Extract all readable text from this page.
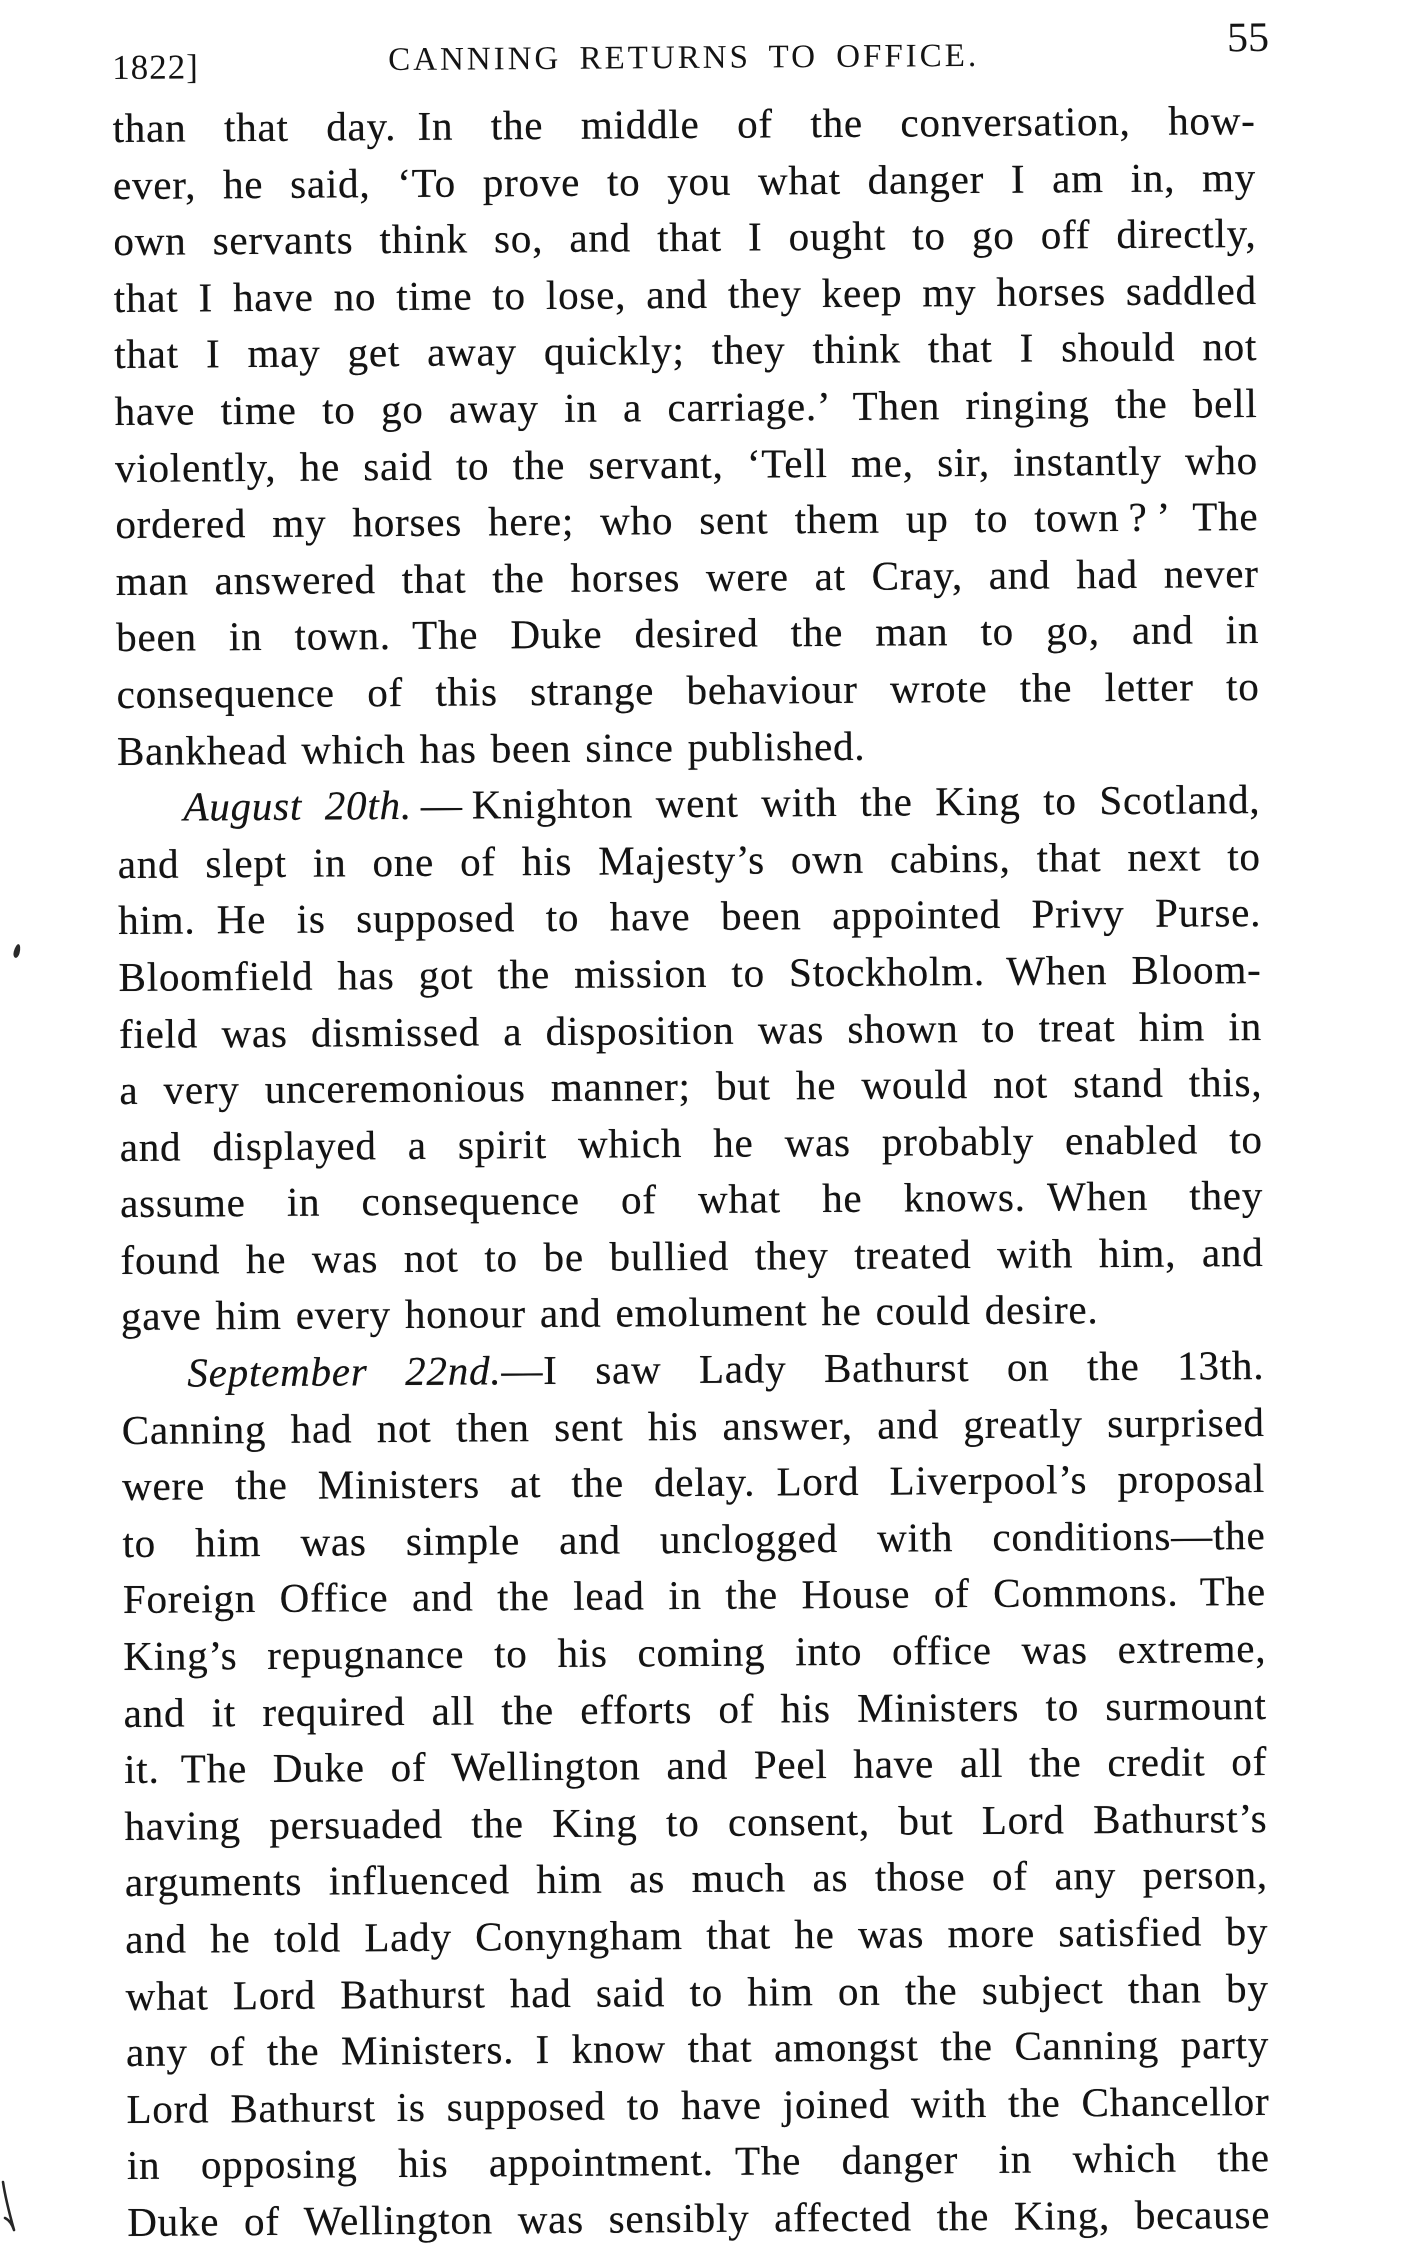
1822]	CANNING RETURNS TO OFFICE.	55
than that day. In the middle of the conversation, how-
ever, he said, ‘To prove to you what danger I am in, my
own servants think so, and that I ought to go off directly,
that I have no time to lose, and they keep my horses saddled
that I may get away quickly; they think that I should not
have time to go away in a carriage.’ Then ringing the bell
violently, he said to the servant, ‘Tell me, sir, instantly who
ordered my horses here; who sent them up to town ? ’ The
man answered that the horses were at Cray, and had never
been in town. The Duke desired the man to go, and in
consequence of this strange behaviour wrote the letter to
Bankhead which has been since published.
August 20th. — Knighton went with the King to Scotland,
and slept in one of his Majesty’s own cabins, that next to
him. He is supposed to have been appointed Privy Purse.
Bloomfield has got the mission to Stockholm. When Bloom-
field was dismissed a disposition was shown to treat him in
a very unceremonious manner; but he would not stand this,
and displayed a spirit which he was probably enabled to
assume in consequence of what he knows. When they
found he was not to be bullied they treated with him, and
gave him every honour and emolument he could desire.
September 22nd.—I saw Lady Bathurst on the 13th.
Canning had not then sent his answer, and greatly surprised
were the Ministers at the delay. Lord Liverpool’s proposal
to him was simple and unclogged with conditions—the
Foreign Office and the lead in the House of Commons. The
King’s repugnance to his coming into office was extreme,
and it required all the efforts of his Ministers to surmount
it. The Duke of Wellington and Peel have all the credit of
having persuaded the King to consent, but Lord Bathurst’s
arguments influenced him as much as those of any person,
and he told Lady Conyngham that he was more satisfied by
what Lord Bathurst had said to him on the subject than by
any of the Ministers. I know that amongst the Canning party
Lord Bathurst is supposed to have joined with the Chancellor
in opposing his appointment. The danger in which the
Duke of Wellington was sensibly affected the King, because
